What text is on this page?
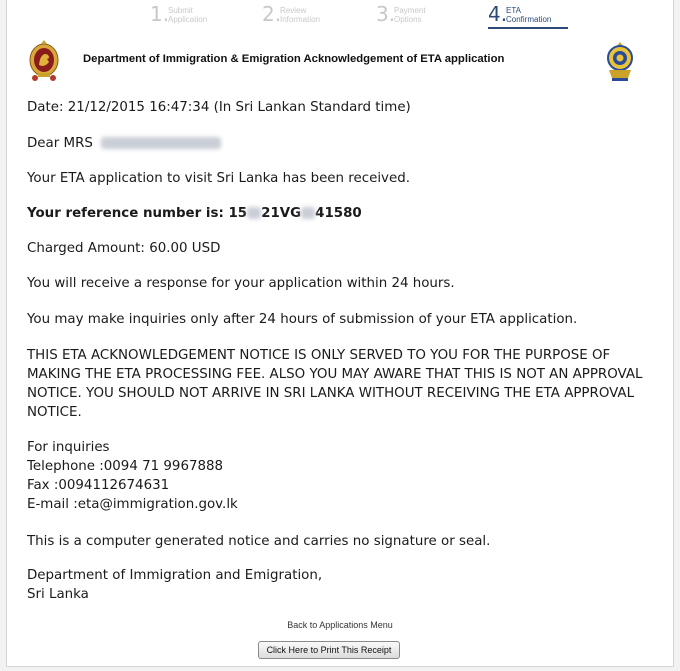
1.
Submit
Application	2.
Review
Information	3.
Payment
Options	4.
ETA
Confirmation
Department of Immigration & Emigration Acknowledgement of ETA application
Date: 21/12/2015 16:47:34 (In Sri Lankan Standard time)
Dear MRS
Your ETA application to visit Sri Lanka has been received.
Your reference number is: 15 21VG 41580
Charged Amount: 60.00 USD
You will receive a response for your application within 24 hours.
You may make inquiries only after 24 hours of submission of your ETA application.
THIS ETA ACKNOWLEDGEMENT NOTICE IS ONLY SERVED TO YOU FOR THE PURPOSE OF MAKING THE ETA PROCESSING FEE. ALSO YOU MAY AWARE THAT THIS IS NOT AN APPROVAL NOTICE. YOU SHOULD NOT ARRIVE IN SRI LANKA WITHOUT RECEIVING THE ETA APPROVAL NOTICE.
For inquiries
Telephone :0094 71 9967888
Fax :0094112674631
E-mail :eta@immigration.gov.lk
This is a computer generated notice and carries no signature or seal.
Department of Immigration and Emigration,
Sri Lanka
Back to Applications Menu
Click Here to Print This Receipt
